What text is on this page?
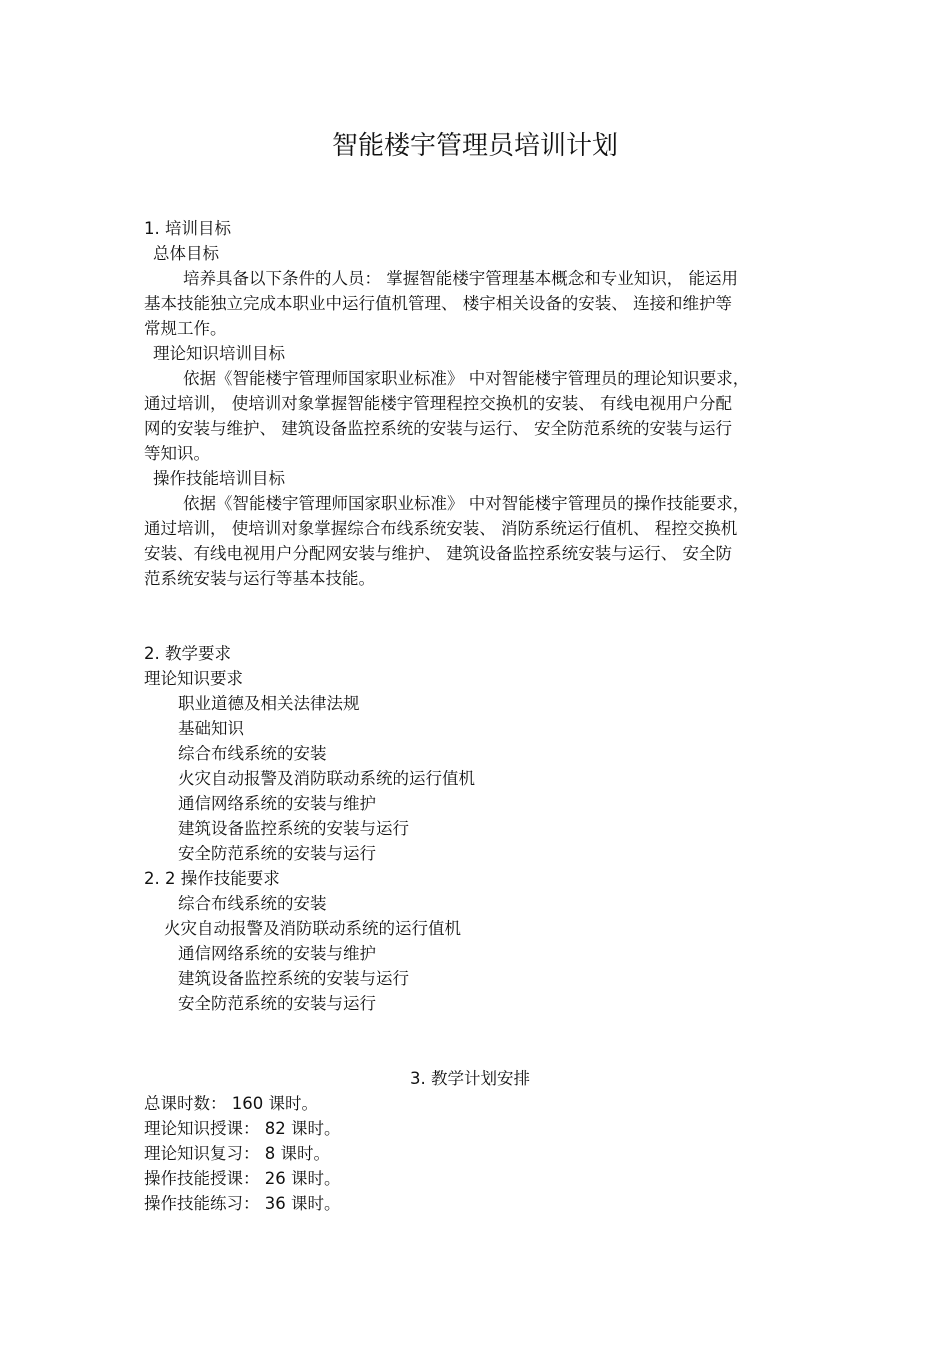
智能楼宇管理员培训计划
1. 培训目标
总体目标
培养具备以下条件的人员： 掌握智能楼宇管理基本概念和专业知识， 能运用
基本技能独立完成本职业中运行值机管理、 楼宇相关设备的安装、 连接和维护等
常规工作。
理论知识培训目标
依据《智能楼宇管理师国家职业标准》 中对智能楼宇管理员的理论知识要求，
通过培训， 使培训对象掌握智能楼宇管理程控交换机的安装、 有线电视用户分配
网的安装与维护、 建筑设备监控系统的安装与运行、 安全防范系统的安装与运行
等知识。
操作技能培训目标
依据《智能楼宇管理师国家职业标准》 中对智能楼宇管理员的操作技能要求，
通过培训， 使培训对象掌握综合布线系统安装、 消防系统运行值机、 程控交换机
安装、有线电视用户分配网安装与维护、 建筑设备监控系统安装与运行、 安全防
范系统安装与运行等基本技能。
2. 教学要求
理论知识要求
职业道德及相关法律法规
基础知识
综合布线系统的安装
火灾自动报警及消防联动系统的运行值机
通信网络系统的安装与维护
建筑设备监控系统的安装与运行
安全防范系统的安装与运行
2. 2 操作技能要求
综合布线系统的安装
火灾自动报警及消防联动系统的运行值机
通信网络系统的安装与维护
建筑设备监控系统的安装与运行
安全防范系统的安装与运行
3. 教学计划安排
总课时数： 160 课时。
理论知识授课： 82 课时。
理论知识复习： 8 课时。
操作技能授课： 26 课时。
操作技能练习： 36 课时。
